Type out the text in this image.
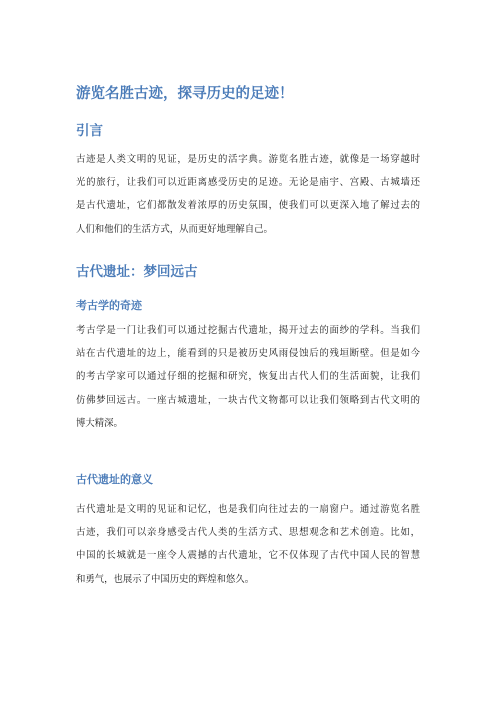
游览名胜古迹，探寻历史的足迹！
引言
古迹是人类文明的见证，是历史的活字典。游览名胜古迹，就像是一场穿越时
光的旅行，让我们可以近距离感受历史的足迹。无论是庙宇、宫殿、古城墙还
是古代遗址，它们都散发着浓厚的历史氛围，使我们可以更深入地了解过去的
人们和他们的生活方式，从而更好地理解自己。
古代遗址：梦回远古
考古学的奇迹
考古学是一门让我们可以通过挖掘古代遗址，揭开过去的面纱的学科。当我们
站在古代遗址的边上，能看到的只是被历史风雨侵蚀后的残垣断壁。但是如今
的考古学家可以通过仔细的挖掘和研究，恢复出古代人们的生活面貌，让我们
仿佛梦回远古。一座古城遗址，一块古代文物都可以让我们领略到古代文明的
博大精深。
古代遗址的意义
古代遗址是文明的见证和记忆，也是我们向往过去的一扇窗户。通过游览名胜
古迹，我们可以亲身感受古代人类的生活方式、思想观念和艺术创造。比如，
中国的长城就是一座令人震撼的古代遗址，它不仅体现了古代中国人民的智慧
和勇气，也展示了中国历史的辉煌和悠久。
